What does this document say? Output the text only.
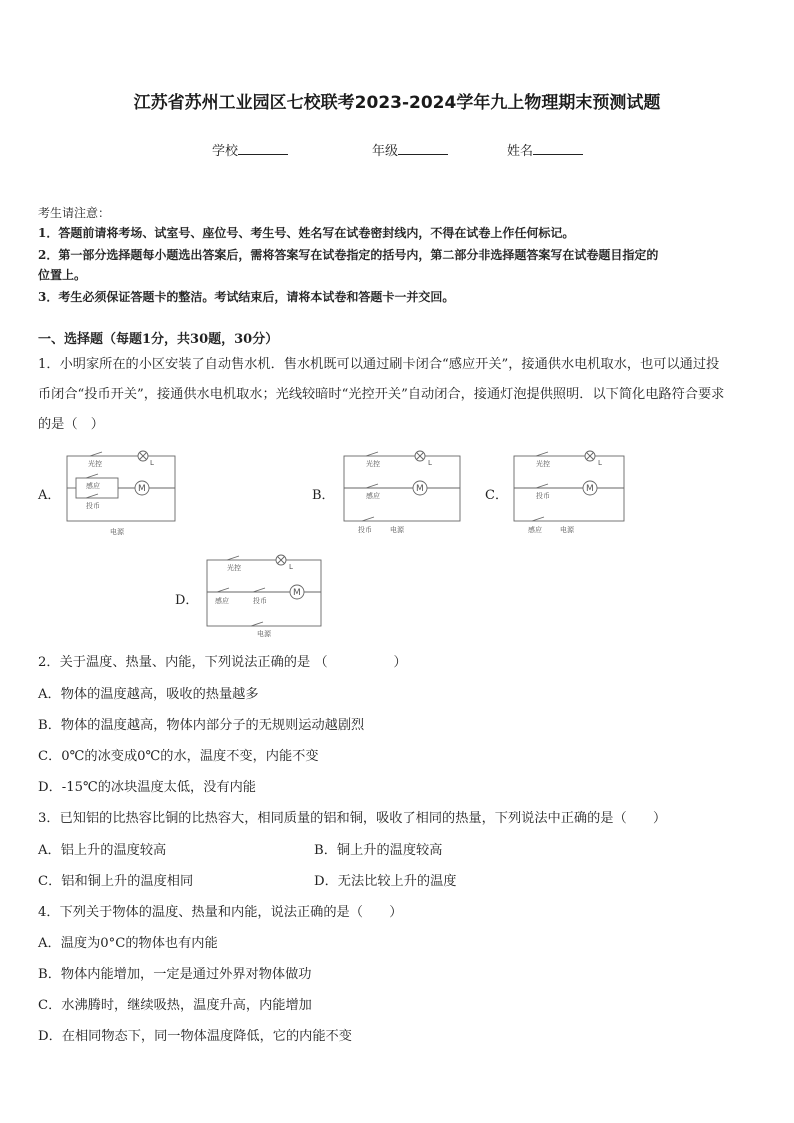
江苏省苏州工业园区七校联考2023-2024学年九上物理期末预测试题
学校	年级	姓名
考生请注意：
1．答题前请将考场、试室号、座位号、考生号、姓名写在试卷密封线内，不得在试卷上作任何标记。
2．第一部分选择题每小题选出答案后，需将答案写在试卷指定的括号内，第二部分非选择题答案写在试卷题目指定的
位置上。
3．考生必须保证答题卡的整洁。考试结束后，请将本试卷和答题卡一并交回。
一、选择题（每题1分，共30题，30分）
1．小明家所在的小区安装了自动售水机．售水机既可以通过刷卡闭合“感应开关”，接通供水电机取水，也可以通过投
币闭合“投币开关”，接通供水电机取水；光线较暗时“光控开关”自动闭合，接通灯泡提供照明．以下简化电路符合要求
的是（　）
A．	B．	C．
D．
光控	L
感应
投币
M
电源
光控	L
感应
M
投币	电源
光控	L
投币
M
感应	电源
光控	L
感应	投币
M
电源
2．关于温度、热量、内能，下列说法正确的是 （　　　　　）
A．物体的温度越高，吸收的热量越多
B．物体的温度越高，物体内部分子的无规则运动越剧烈
C．0℃的冰变成0℃的水，温度不变，内能不变
D．-15℃的冰块温度太低，没有内能
3．已知铝的比热容比铜的比热容大，相同质量的铝和铜，吸收了相同的热量，下列说法中正确的是（　　）
A．铝上升的温度较高	B．铜上升的温度较高
C．铝和铜上升的温度相同	D．无法比较上升的温度
4．下列关于物体的温度、热量和内能，说法正确的是（　　）
A．温度为0°C的物体也有内能
B．物体内能增加，一定是通过外界对物体做功
C．水沸腾时，继续吸热，温度升高，内能增加
D．在相同物态下，同一物体温度降低，它的内能不变
